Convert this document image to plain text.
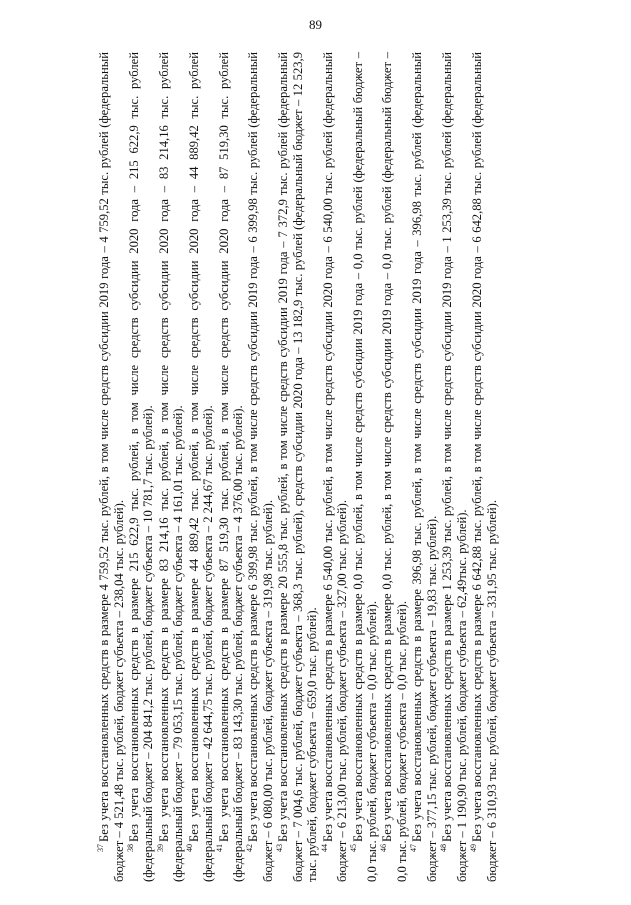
89

$^{37}$Без учета восстановленных средств в размере 4 759,52 тыс. рублей, в том числе средств субсидии 2019 года – 4 759,52 тыс. рублей (федеральный бюджет – 4 521,48 тыс. рублей, бюджет субъекта – 238,04 тыс. рублей). $^{38}$Без учета восстановленных средств в размере 215 622,9 тыс. рублей, в том числе средств субсидии 2020 года – 215 622,9 тыс. рублей (федеральный бюджет – 204 841,2 тыс. рублей, бюджет субъекта – 10 781,7 тыс. рублей). $^{39}$Без учета восстановленных средств в размере 83 214,16 тыс. рублей, в том числе средств субсидии 2020 года – 83 214,16 тыс. рублей (федеральный бюджет – 79 053,15 тыс. рублей, бюджет субъекта – 4 161,01 тыс. рублей). $^{40}$Без учета восстановленных средств в размере 44 889,42 тыс. рублей, в том числе средств субсидии 2020 года – 44 889,42 тыс. рублей (федеральный бюджет – 42 644,75 тыс. рублей, бюджет субъекта – 2 244,67 тыс. рублей). $^{41}$Без учета восстановленных средств в размере 87 519,30 тыс. рублей, в том числе средств субсидии 2020 года – 87 519,30 тыс. рублей (федеральный бюджет – 83 143,30 тыс. рублей, бюджет субъекта – 4 376,00 тыс. рублей). $^{42}$Без учета восстановленных средств в размере 6 399,98 тыс. рублей, в том числе средств субсидии 2019 года – 6 399,98 тыс. рублей (федеральный бюджет – 6 080,00 тыс. рублей, бюджет субъекта – 319,98 тыс. рублей). $^{43}$Без учета восстановленных средств в размере 20 555,8 тыс. рублей, в том числе средств субсидии 2019 года – 7 372,9 тыс. рублей (федеральный бюджет – 7 004,6 тыс. рублей, бюджет субъекта – 368,3 тыс. рублей), средств субсидии 2020 года – 13 182,9 тыс. рублей (федеральный бюджет – 12 523,9 тыс. рублей, бюджет субъекта – 659,0 тыс. рублей). $^{44}$Без учета восстановленных средств в размере 6 540,00 тыс. рублей, в том числе средств субсидии 2020 года – 6 540,00 тыс. рублей (федеральный бюджет – 6 213,00 тыс. рублей, бюджет субъекта – 327,00 тыс. рублей). $^{45}$Без учета восстановленных средств в размере 0,0 тыс. рублей, в том числе средств субсидии 2019 года – 0,0 тыс. рублей (федеральный бюджет – 0,0 тыс. рублей, бюджет субъекта – 0,0 тыс. рублей). $^{46}$Без учета восстановленных средств в размере 0,0 тыс. рублей, в том числе средств субсидии 2019 года – 0,0 тыс. рублей (федеральный бюджет – 0,0 тыс. рублей, бюджет субъекта – 0,0 тыс. рублей). $^{47}$Без учета восстановленных средств в размере 396,98 тыс. рублей, в том числе средств субсидии 2019 года – 396,98 тыс. рублей (федеральный бюджет – 377,15 тыс. рублей, бюджет субъекта – 19,83 тыс. рублей). $^{48}$Без учета восстановленных средств в размере 1 253,39 тыс. рублей, в том числе средств субсидии 2019 года – 1 253,39 тыс. рублей (федеральный бюджет – 1 190,90 тыс. рублей, бюджет субъекта – 62,49тыс. рублей). $^{49}$Без учета восстановленных средств в размере 6 642,88 тыс. рублей, в том числе средств субсидии 2020 года – 6 642,88 тыс. рублей (федеральный бюджет – 6 310,93 тыс. рублей, бюджет субъекта – 331,95 тыс. рублей).
